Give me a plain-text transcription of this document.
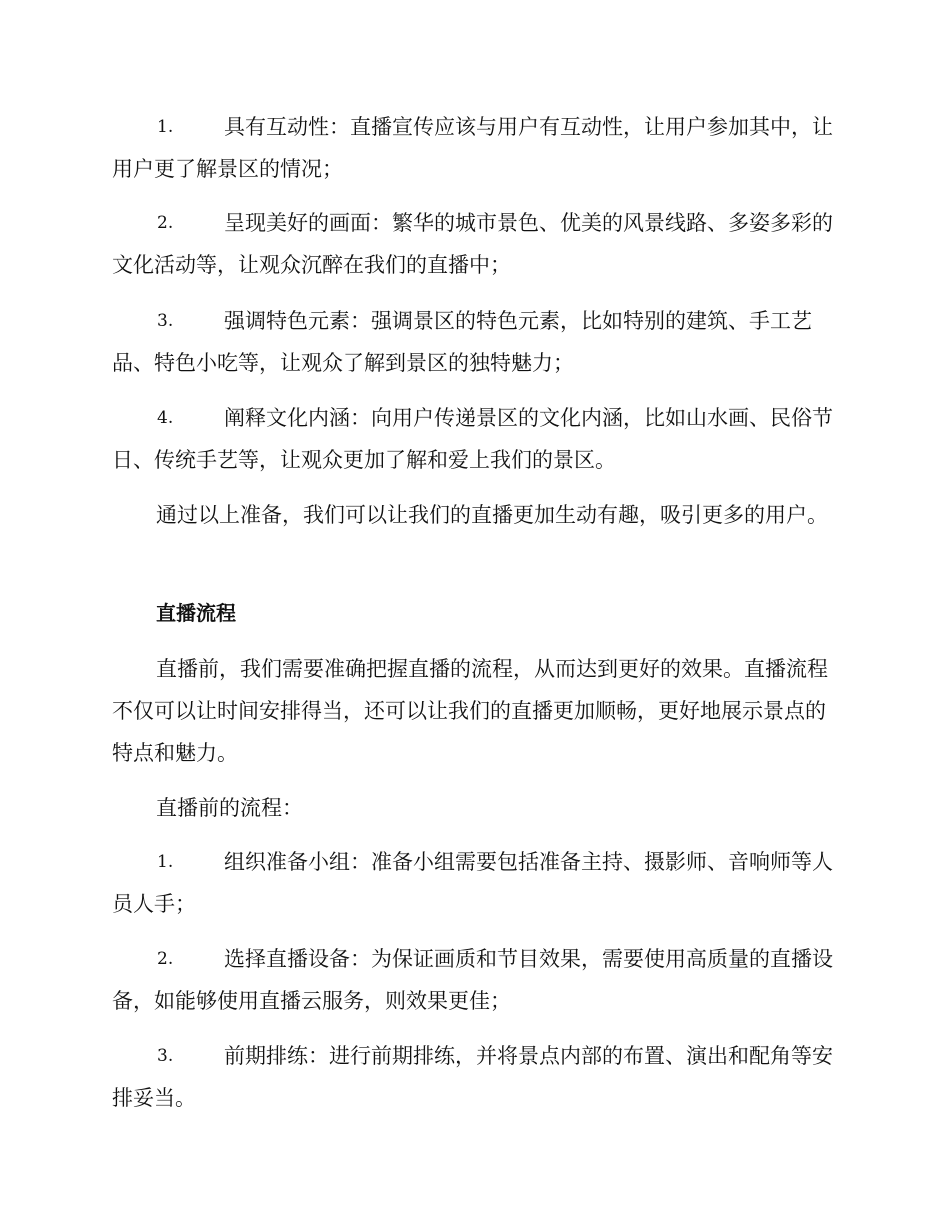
1. 具有互动性：直播宣传应该与用户有互动性，让用户参加其中，让用户更了解景区的情况；

2. 呈现美好的画面：繁华的城市景色、优美的风景线路、多姿多彩的文化活动等，让观众沉醉在我们的直播中；

3. 强调特色元素：强调景区的特色元素，比如特别的建筑、手工艺品、特色小吃等，让观众了解到景区的独特魅力；

4. 阐释文化内涵：向用户传递景区的文化内涵，比如山水画、民俗节日、传统手艺等，让观众更加了解和爱上我们的景区。

通过以上准备，我们可以让我们的直播更加生动有趣，吸引更多的用户。

直播流程

直播前，我们需要准确把握直播的流程，从而达到更好的效果。直播流程不仅可以让时间安排得当，还可以让我们的直播更加顺畅，更好地展示景点的特点和魅力。

直播前的流程：

1. 组织准备小组：准备小组需要包括准备主持、摄影师、音响师等人员人手；

2. 选择直播设备：为保证画质和节目效果，需要使用高质量的直播设备，如能够使用直播云服务，则效果更佳；

3. 前期排练：进行前期排练，并将景点内部的布置、演出和配角等安排妥当。
